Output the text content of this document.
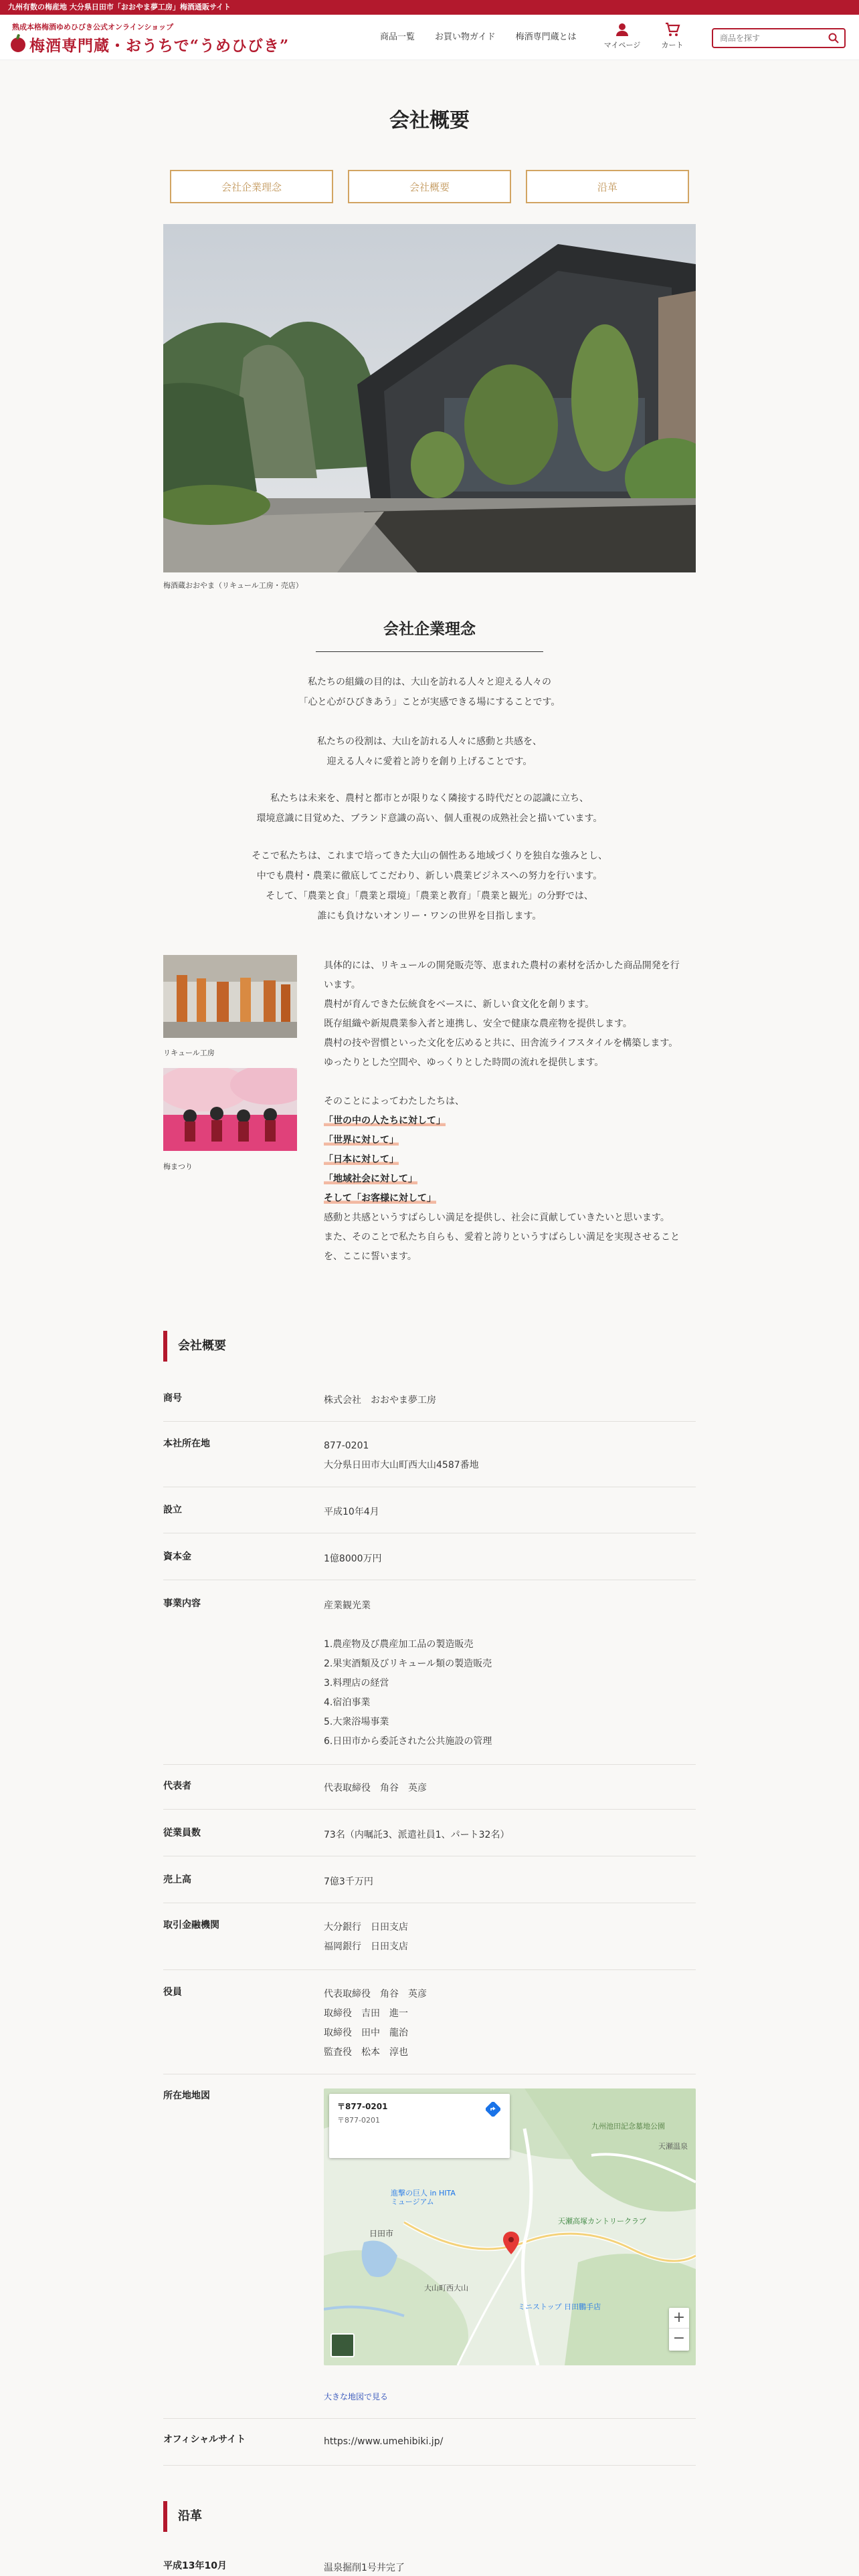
九州有数の梅産地 大分県日田市「おおやま夢工房」梅酒通販サイト
熟成本格梅酒ゆめひびき公式オンラインショップ
梅酒専門蔵・おうちで“うめひびき”	商品一覧 お買い物ガイド 梅酒専門蔵とは
マイページ	カート
商品を探す
会社概要
会社企業理念	会社概要	沿革
梅酒蔵おおやま（リキュール工房・売店）
会社企業理念
私たちの組織の目的は、大山を訪れる人々と迎える人々の
「心と心がひびきあう」ことが実感できる場にすることです。
私たちの役割は、大山を訪れる人々に感動と共感を、
迎える人々に愛着と誇りを創り上げることです。
私たちは未来を、農村と都市とが限りなく隣接する時代だとの認識に立ち、
環境意識に目覚めた、ブランド意識の高い、個人重視の成熟社会と描いています。
そこで私たちは、これまで培ってきた大山の個性ある地域づくりを独自な強みとし、
中でも農村・農業に徹底してこだわり、新しい農業ビジネスへの努力を行います。
そして、「農業と食」「農業と環境」「農業と教育」「農業と観光」の分野では、
誰にも負けないオンリー・ワンの世界を目指します。
リキュール工房
梅まつり
具体的には、リキュールの開発販売等、恵まれた農村の素材を活かした商品開発を行
います。
農村が育んできた伝統食をベースに、新しい食文化を創ります。
既存組織や新規農業参入者と連携し、安全で健康な農産物を提供します。
農村の技や習慣といった文化を広めると共に、田舎流ライフスタイルを構築します。
ゆったりとした空間や、ゆっくりとした時間の流れを提供します。
そのことによってわたしたちは、
「世の中の人たちに対して」
「世界に対して」
「日本に対して」
「地域社会に対して」
そして「お客様に対して」
感動と共感というすばらしい満足を提供し、社会に貢献していきたいと思います。
また、そのことで私たち自らも、愛着と誇りというすばらしい満足を実現させること
を、ここに誓います。
会社概要
商号	株式会社　おおやま夢工房
本社所在地	877-0201
大分県日田市大山町西大山4587番地
設立	平成10年4月
資本金	1億8000万円
事業内容	産業観光業
1.農産物及び農産加工品の製造販売
2.果実酒類及びリキュール類の製造販売
3.料理店の経営
4.宿泊事業
5.大衆浴場事業
6.日田市から委託された公共施設の管理
代表者	代表取締役　角谷　英彦
従業員数	73名（内嘱託3、派遣社員1、パート32名）
売上高	7億3千万円
取引金融機関	大分銀行　日田支店
福岡銀行　日田支店
役員	代表取締役　角谷　英彦
取締役　吉田　進一
取締役　田中　龍治
監査役　松本　淳也
所在地地図
〒877-0201
〒877-0201
九州池田記念墓地公園
天瀬温泉
進撃の巨人 in HITA ミュージアム
日田市
天瀬高塚カントリークラブ
大山町西大山
ミニストップ 日田鵬手店
+
−
大きな地図で見る
オフィシャルサイト	https://www.umehibiki.jp/
沿革
平成13年10月	温泉掘削1号井完了
